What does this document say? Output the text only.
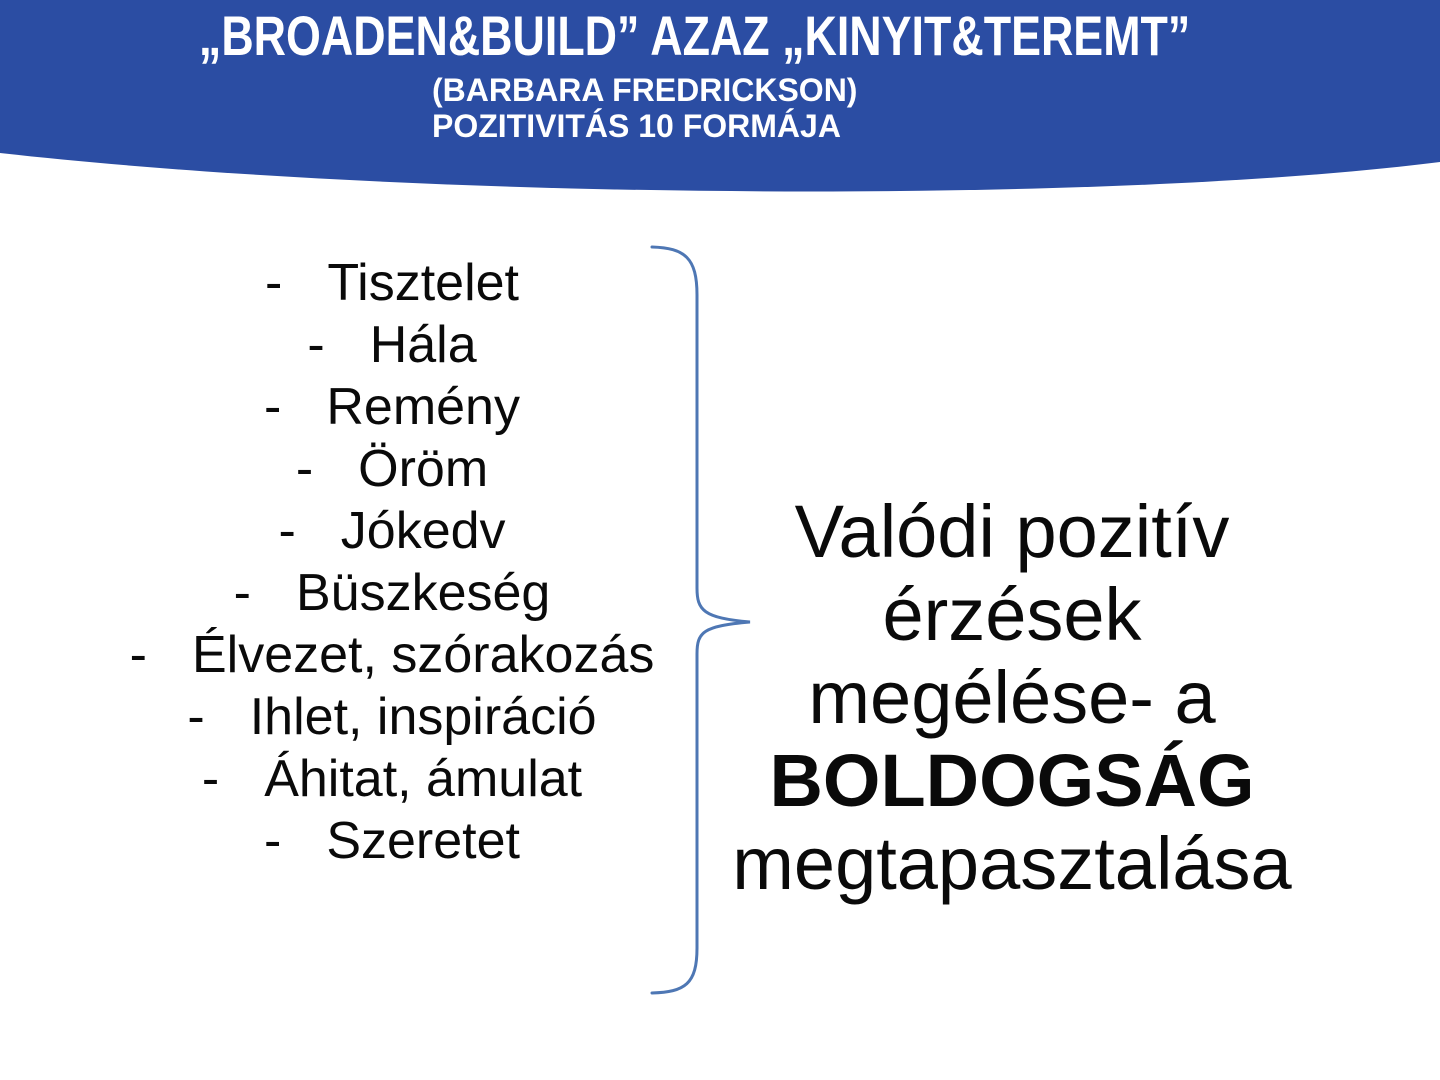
„BROADEN&BUILD” AZAZ „KINYIT&TEREMT”
(BARBARA FREDRICKSON)
POZITIVITÁS 10 FORMÁJA
- Tisztelet
- Hála
- Remény
- Öröm
- Jókedv
- Büszkeség
- Élvezet, szórakozás
- Ihlet, inspiráció
- Áhitat, ámulat
- Szeretet
Valódi pozitív
érzések
megélése- a
BOLDOGSÁG
megtapasztalása
